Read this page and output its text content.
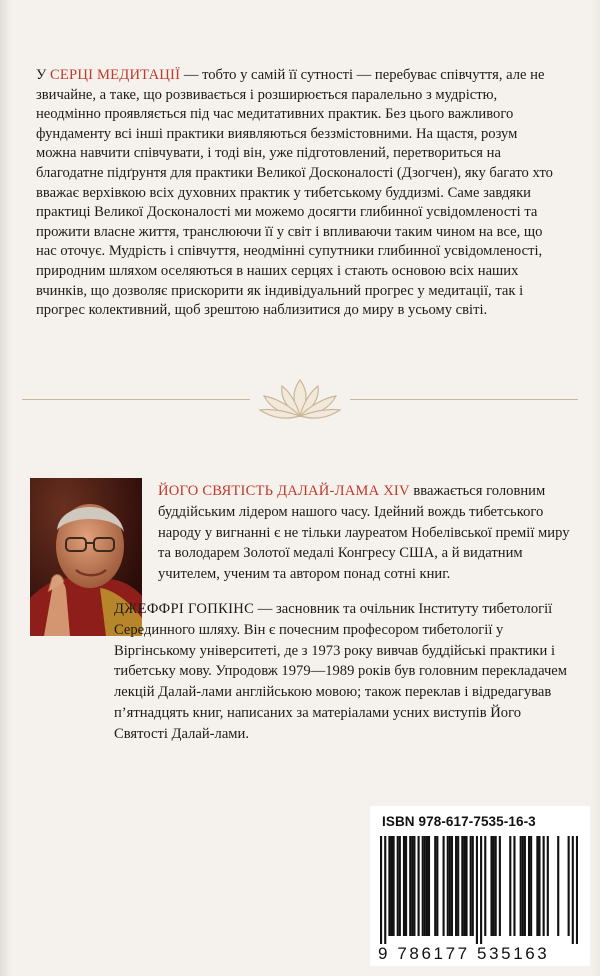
У СЕРЦІ МЕДИТАЦІЇ — тобто у самій її сутності — перебуває співчуття, але не звичайне, а таке, що розвивається і розширюється паралельно з мудрістю, неодмінно проявляється під час медитативних практик. Без цього важливого фундаменту всі інші практики виявляються беззмістовними. На щастя, розум можна навчити співчувати, і тоді він, уже підготовлений, перетвориться на благодатне підґрунтя для практики Великої Досконалості (Дзогчен), яку багато хто вважає верхівкою всіх духовних практик у тибетському буддизмі. Саме завдяки практиці Великої Досконалості ми можемо досягти глибинної усвідомленості та прожити власне життя, транслюючи її у світ і впливаючи таким чином на все, що нас оточує. Мудрість і співчуття, неодмінні супутники глибинної усвідомленості, природним шляхом оселяються в наших серцях і стають основою всіх наших вчинків, що дозволяє прискорити як індивідуальний прогрес у медитації, так і прогрес колективний, щоб зрештою наблизитися до миру в усьому світі.

ЙОГО СВЯТІСТЬ ДАЛАЙ-ЛАМА XIV вважається головним буддійським лідером нашого часу. Ідейний вождь тибетського народу у вигнанні є не тільки лауреатом Нобелівської премії миру та володарем Золотої медалі Конгресу США, а й видатним учителем, ученим та автором понад сотні книг.

ДЖЕФФРІ ГОПКІНС — засновник та очільник Інституту тибетології Серединного шляху. Він є почесним професором тибетології у Віргінському університеті, де з 1973 року вивчав буддійські практики і тибетську мову. Упродовж 1979—1989 років був головним перекладачем лекцій Далай-лами англійською мовою; також переклав і відредагував п’ятнадцять книг, написаних за матеріалами усних виступів Його Святості Далай-лами.

ISBN 978-617-7535-16-3
9 786177 535163
